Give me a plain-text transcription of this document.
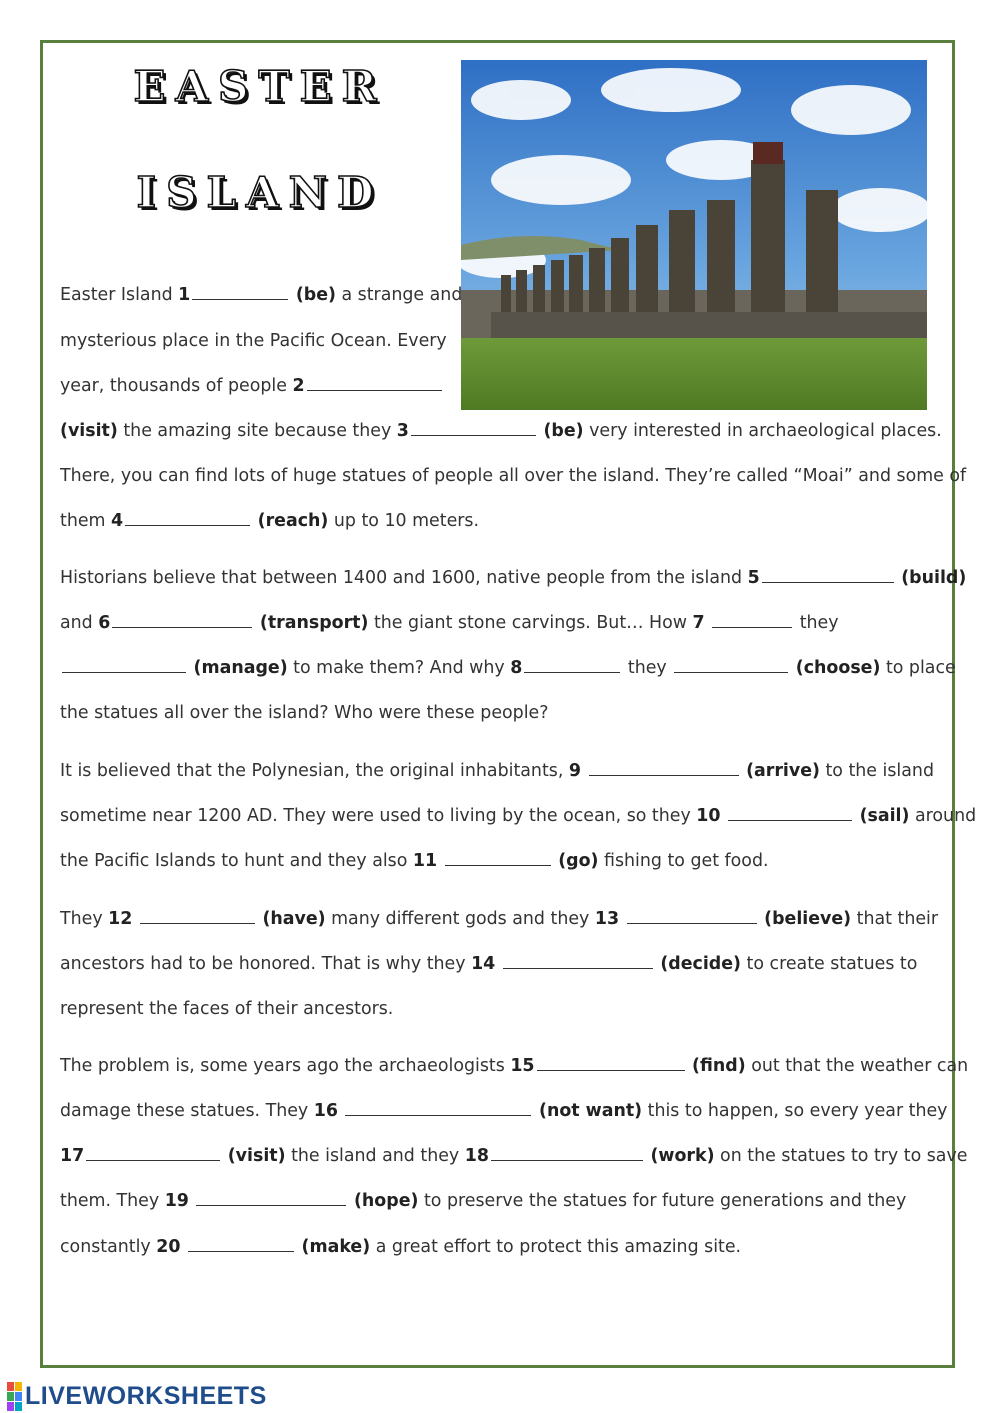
EASTER
ISLAND
Easter Island 1	(be) a strange and
mysterious place in the Pacific Ocean. Every
year, thousands of people 2
(visit) the amazing site because they 3	(be) very interested in archaeological places.
There, you can find lots of huge statues of people all over the island. They’re called “Moai” and some of
them 4	(reach) up to 10 meters.
Historians believe that between 1400 and 1600, native people from the island 5	(build)
and 6	(transport) the giant stone carvings. But… How 7	they
(manage) to make them? And why 8	they	(choose) to place
the statues all over the island? Who were these people?
It is believed that the Polynesian, the original inhabitants, 9	(arrive) to the island
sometime near 1200 AD. They were used to living by the ocean, so they 10	(sail) around
the Pacific Islands to hunt and they also 11	(go) fishing to get food.
They 12	(have) many different gods and they 13	(believe) that their
ancestors had to be honored. That is why they 14	(decide) to create statues to
represent the faces of their ancestors.
The problem is, some years ago the archaeologists 15	(find) out that the weather can
damage these statues. They 16	(not want) this to happen, so every year they
17	(visit) the island and they 18	(work) on the statues to try to save
them. They 19	(hope) to preserve the statues for future generations and they
constantly 20	(make) a great effort to protect this amazing site.
LIVEWORKSHEETS
